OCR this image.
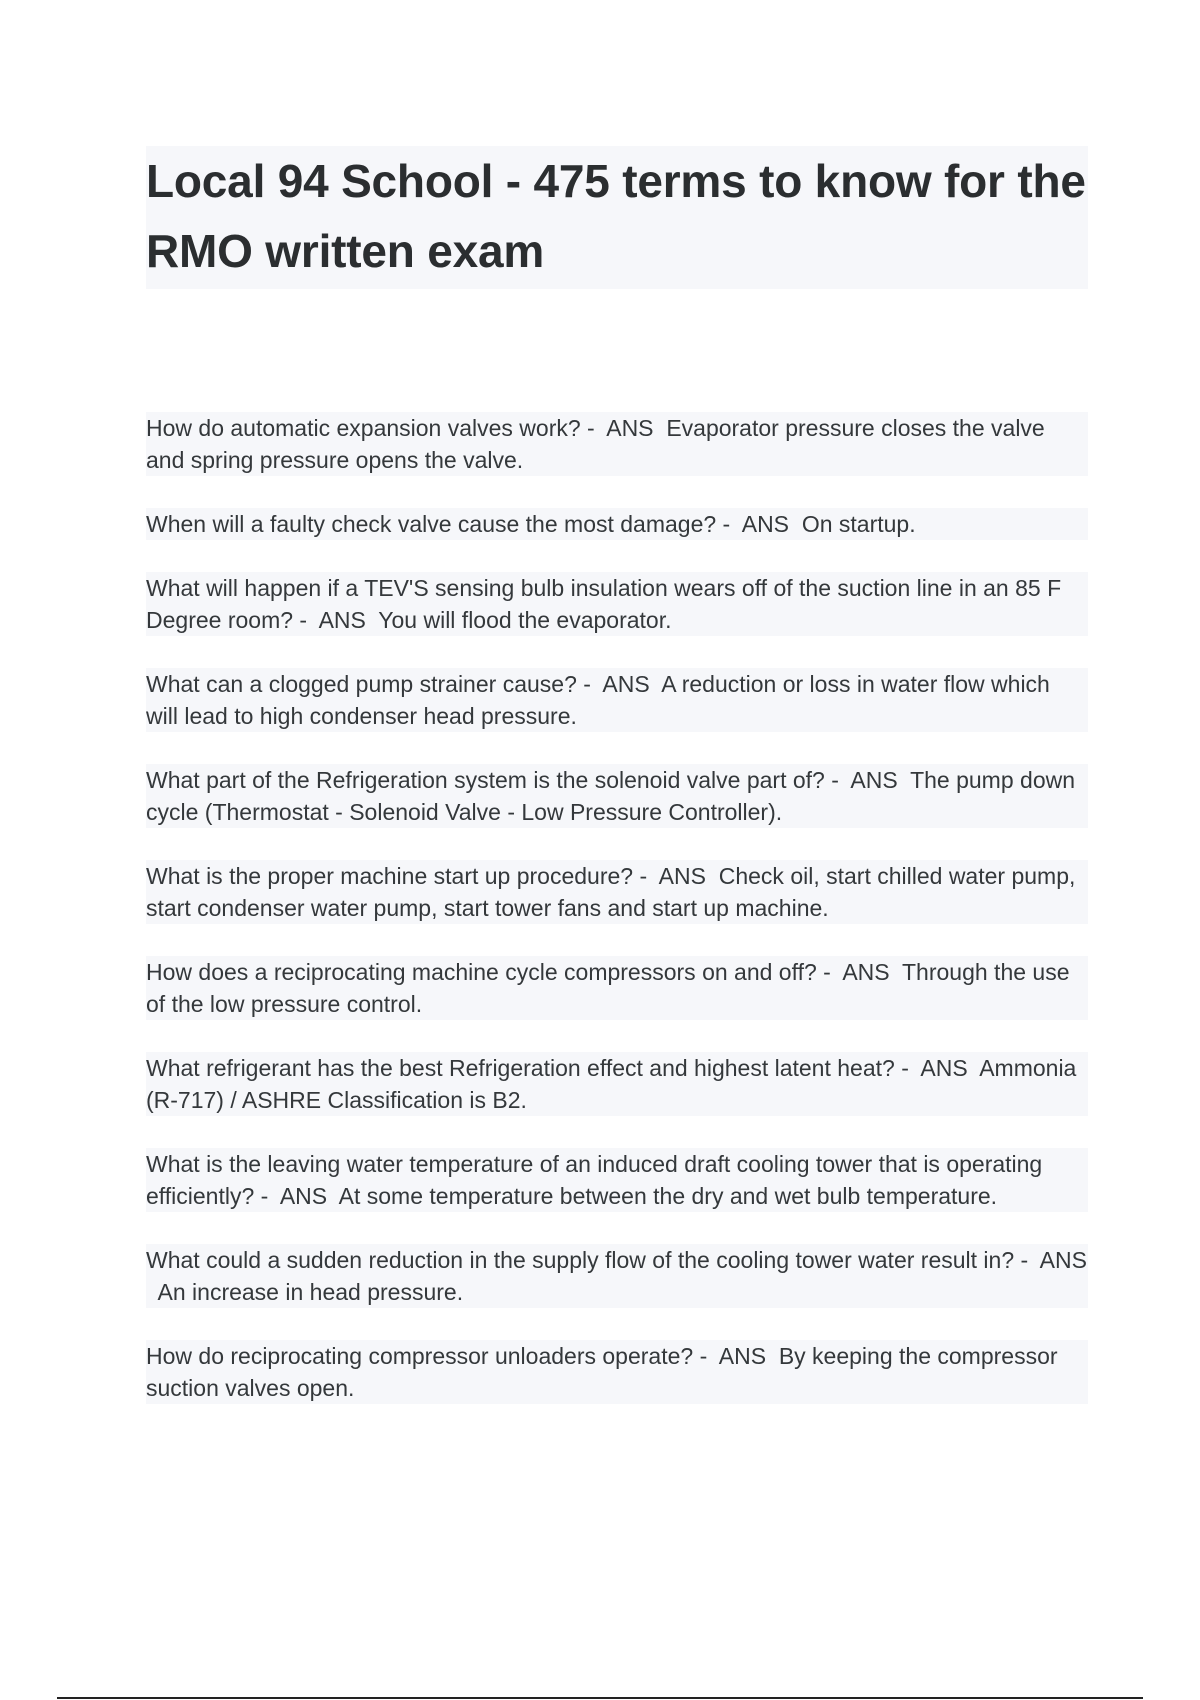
Local 94 School - 475 terms to know for the RMO written exam
How do automatic expansion valves work? -  ANS Evaporator pressure closes the valve and spring pressure opens the valve.
When will a faulty check valve cause the most damage? -  ANS On startup.
What will happen if a TEV'S sensing bulb insulation wears off of the suction line in an 85 F Degree room? -  ANS You will flood the evaporator.
What can a clogged pump strainer cause? -  ANS A reduction or loss in water flow which will lead to high condenser head pressure.
What part of the Refrigeration system is the solenoid valve part of? -  ANS The pump down cycle (Thermostat - Solenoid Valve - Low Pressure Controller).
What is the proper machine start up procedure? -  ANS Check oil, start chilled water pump, start condenser water pump, start tower fans and start up machine.
How does a reciprocating machine cycle compressors on and off? -  ANS Through the use of the low pressure control.
What refrigerant has the best Refrigeration effect and highest latent heat? -  ANS Ammonia (R-717) / ASHRE Classification is B2.
What is the leaving water temperature of an induced draft cooling tower that is operating efficiently? -  ANS At some temperature between the dry and wet bulb temperature.
What could a sudden reduction in the supply flow of the cooling tower water result in? -  ANS  An increase in head pressure.
How do reciprocating compressor unloaders operate? -  ANS By keeping the compressor suction valves open.
